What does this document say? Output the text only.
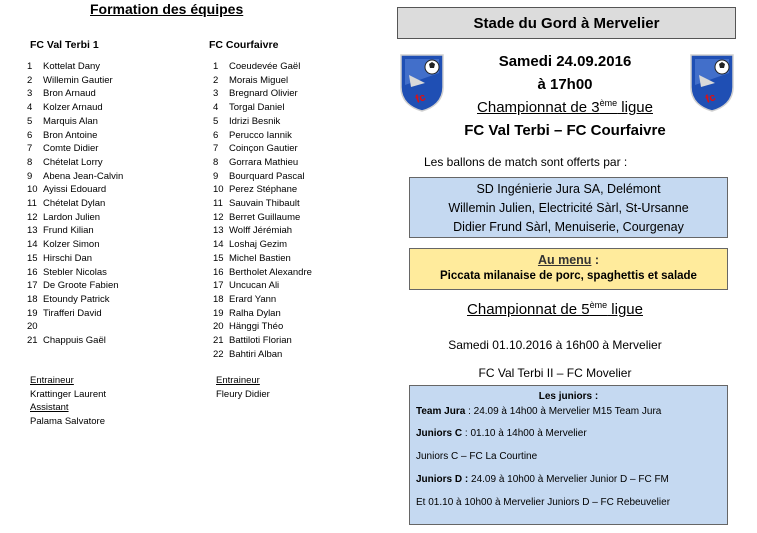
Formation des équipes
FC Val Terbi 1	FC Courfaivre
1 Kottelat Dany
2 Willemin Gautier
3 Bron Arnaud
4 Kolzer Arnaud
5 Marquis Alan
6 Bron Antoine
7 Comte Didier
8 Chételat Lorry
9 Abena Jean-Calvin
10 Ayissi Edouard
11 Chételat Dylan
12 Lardon Julien
13 Frund Kilian
14 Kolzer Simon
15 Hirschi Dan
16 Stebler Nicolas
17 De Groote Fabien
18 Etoundy Patrick
19 Tirafferi David
20
21 Chappuis Gaël
1 Coeudevée Gaël
2 Morais Miguel
3 Bregnard Olivier
4 Torgal Daniel
5 Idrizi Besnik
6 Perucco Iannik
7 Coinçon Gautier
8 Gorrara Mathieu
9 Bourquard Pascal
10 Perez Stéphane
11 Sauvain Thibault
12 Berret Guillaume
13 Wolff Jérémiah
14 Loshaj Gezim
15 Michel Bastien
16 Bertholet Alexandre
17 Uncucan Ali
18 Erard Yann
19 Ralha Dylan
20 Hänggi Théo
21 Battiloti Florian
22 Bahtiri Alban
Entraineur
Krattinger Laurent
Assistant
Palama Salvatore
Entraineur
Fleury Didier
Stade du Gord à Mervelier
fc	fc
Samedi 24.09.2016
à 17h00
Championnat de 3ème ligue
FC Val Terbi – FC Courfaivre
Les ballons de match sont offerts par :
SD Ingénierie Jura SA, Delémont
Willemin Julien, Electricité Sàrl, St-Ursanne
Didier Frund Sàrl, Menuiserie, Courgenay
Au menu :
Piccata milanaise de porc, spaghettis et salade
Championnat de 5ème ligue
Samedi 01.10.2016 à 16h00 à Mervelier
FC Val Terbi II – FC Movelier
Les juniors :
Team Jura : 24.09 à 14h00 à Mervelier M15 Team Jura
Juniors C : 01.10 à 14h00 à Mervelier
Juniors C – FC La Courtine
Juniors D : 24.09 à 10h00 à Mervelier Junior D – FC FM
Et 01.10 à 10h00 à Mervelier Juniors D – FC Rebeuvelier
